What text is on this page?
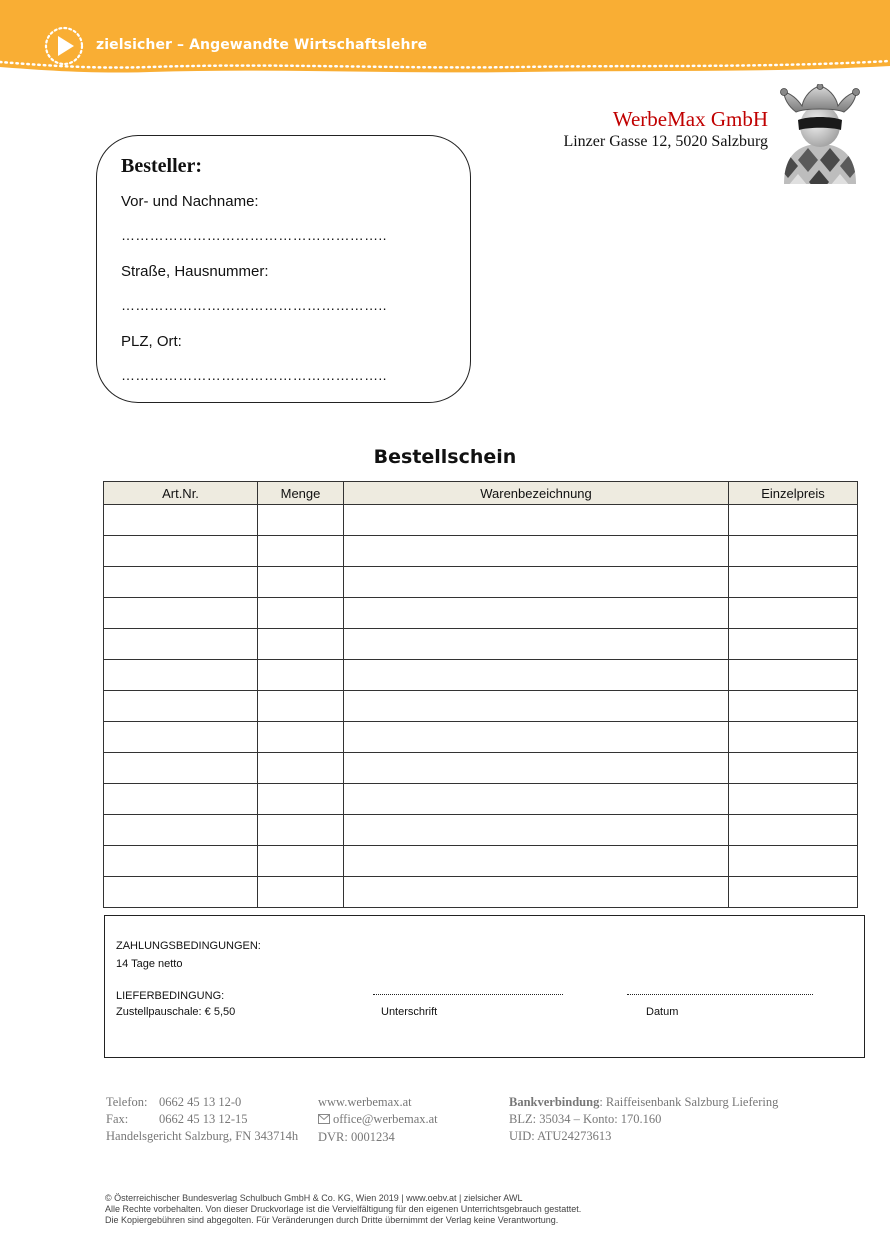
zielsicher – Angewandte Wirtschaftslehre
WerbeMax GmbH
Linzer Gasse 12, 5020 Salzburg
Besteller:
Vor- und Nachname:
………………………………………………..
Straße, Hausnummer:
………………………………………………..
PLZ, Ort:
………………………………………………..
Bestellschein
Art.Nr.	Menge	Warenbezeichnung	Einzelpreis

ZAHLUNGSBEDINGUNGEN:
14 Tage netto
LIEFERBEDINGUNG:
Zustellpauschale: € 5,50	Unterschrift	Datum
Telefon: 0662 45 13 12-0
Fax: 0662 45 13 12-15
Handelsgericht Salzburg, FN 343714h
www.werbemax.at
office@werbemax.at
DVR: 0001234
Bankverbindung: Raiffeisenbank Salzburg Liefering
BLZ: 35034 – Konto: 170.160
UID: ATU24273613
© Österreichischer Bundesverlag Schulbuch GmbH & Co. KG, Wien 2019 | www.oebv.at | zielsicher AWL
Alle Rechte vorbehalten. Von dieser Druckvorlage ist die Vervielfältigung für den eigenen Unterrichtsgebrauch gestattet.
Die Kopiergebühren sind abgegolten. Für Veränderungen durch Dritte übernimmt der Verlag keine Verantwortung.
